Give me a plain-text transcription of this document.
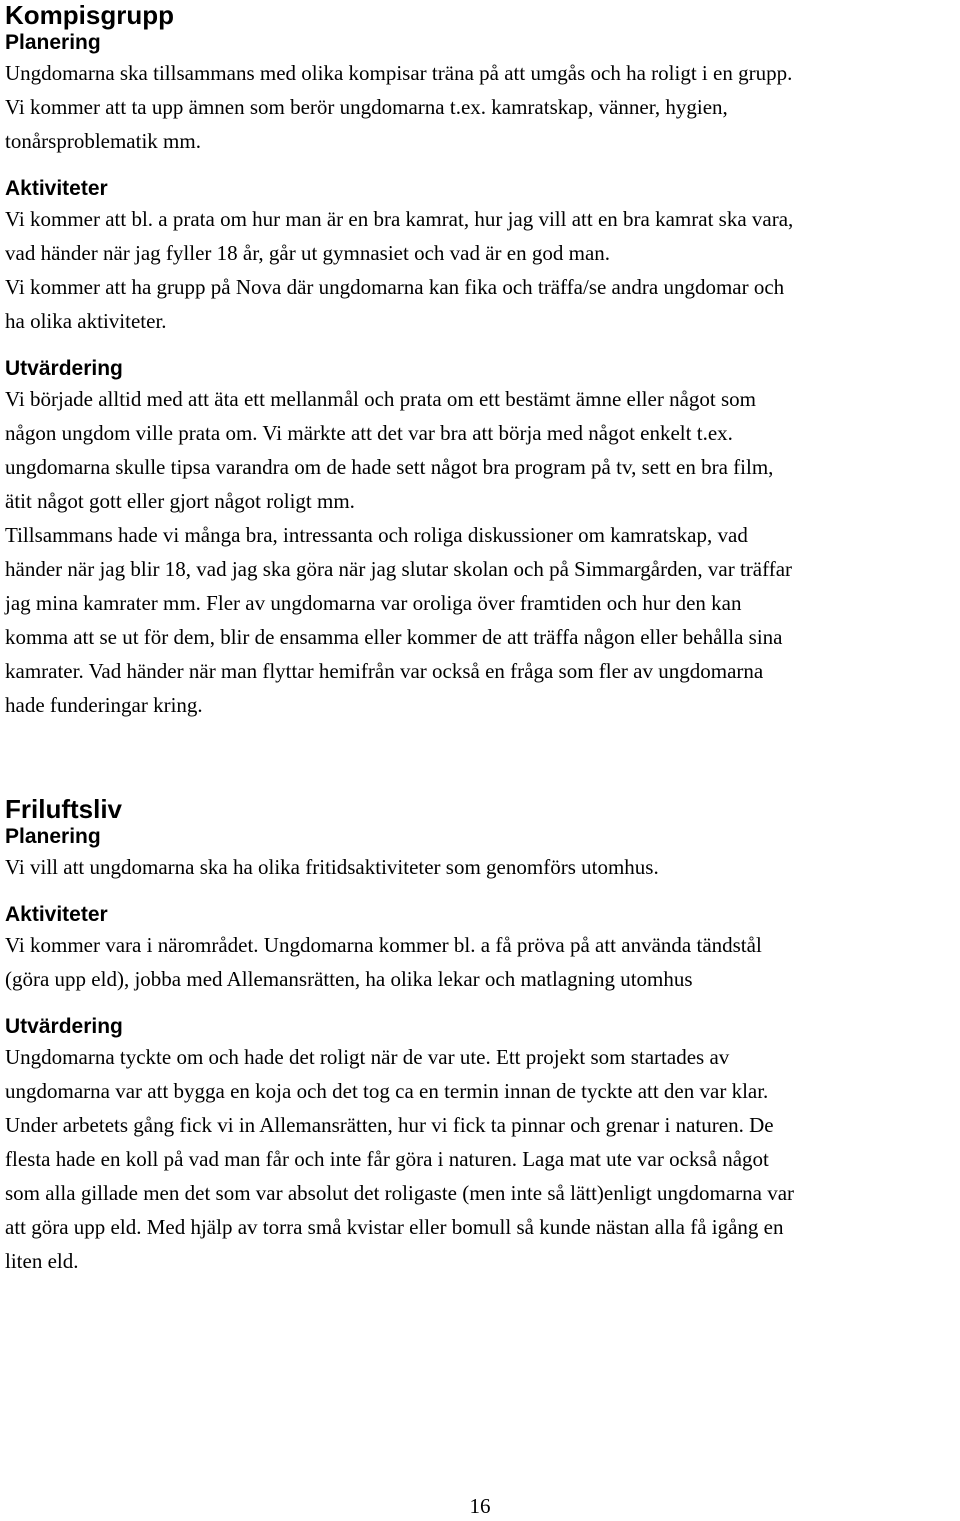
Kompisgrupp
Planering

Ungdomarna ska tillsammans med olika kompisar träna på att umgås och ha roligt i en grupp.
Vi kommer att ta upp ämnen som berör ungdomarna t.ex. kamratskap, vänner, hygien,
tonårsproblematik mm.

Aktiviteter

Vi kommer att bl. a prata om hur man är en bra kamrat, hur jag vill att en bra kamrat ska vara,
vad händer när jag fyller 18 år, går ut gymnasiet och vad är en god man.
Vi kommer att ha grupp på Nova där ungdomarna kan fika och träffa/se andra ungdomar och
ha olika aktiviteter.

Utvärdering

Vi började alltid med att äta ett mellanmål och prata om ett bestämt ämne eller något som
någon ungdom ville prata om. Vi märkte att det var bra att börja med något enkelt t.ex.
ungdomarna skulle tipsa varandra om de hade sett något bra program på tv, sett en bra film,
ätit något gott eller gjort något roligt mm.
Tillsammans hade vi många bra, intressanta och roliga diskussioner om kamratskap, vad
händer när jag blir 18, vad jag ska göra när jag slutar skolan och på Simmargården, var träffar
jag mina kamrater mm. Fler av ungdomarna var oroliga över framtiden och hur den kan
komma att se ut för dem, blir de ensamma eller kommer de att träffa någon eller behålla sina
kamrater. Vad händer när man flyttar hemifrån var också en fråga som fler av ungdomarna
hade funderingar kring.

Friluftsliv
Planering

Vi vill att ungdomarna ska ha olika fritidsaktiviteter som genomförs utomhus.

Aktiviteter

Vi kommer vara i närområdet. Ungdomarna kommer bl. a få pröva på att använda tändstål
(göra upp eld), jobba med Allemansrätten, ha olika lekar och matlagning utomhus

Utvärdering

Ungdomarna tyckte om och hade det roligt när de var ute. Ett projekt som startades av
ungdomarna var att bygga en koja och det tog ca en termin innan de tyckte att den var klar.
Under arbetets gång fick vi in Allemansrätten, hur vi fick ta pinnar och grenar i naturen. De
flesta hade en koll på vad man får och inte får göra i naturen. Laga mat ute var också något
som alla gillade men det som var absolut det roligaste (men inte så lätt)enligt ungdomarna var
att göra upp eld. Med hjälp av torra små kvistar eller bomull så kunde nästan alla få igång en
liten eld.

16
